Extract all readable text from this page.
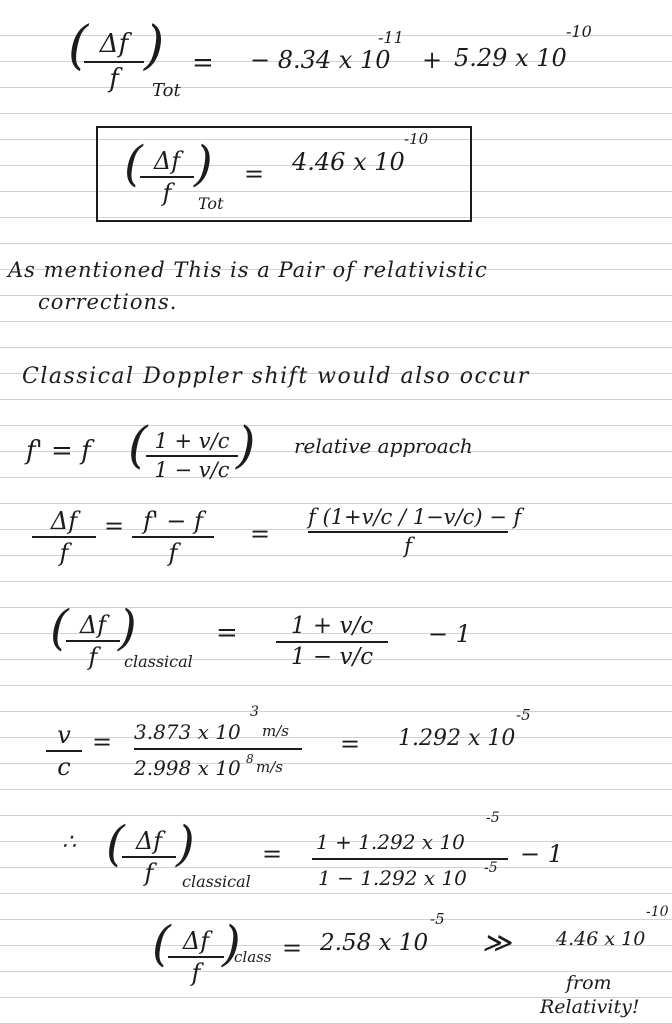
( Δf
f
)
Tot
= − 8.34 x 10
-11
+ 5.29 x 10
-10
( Δf
f
)
Tot
= 4.46 x 10
-10
As mentioned This is a Pair of relativistic
corrections.
Classical Doppler shift would also occur
f' = f ( 1 + v/c
1 − v/c ) relative approach
Δf
f
= f' − f
f
=
f (1+v/c / 1−v/c) − f
f
( Δf
f
)
classical
=	1 + v/c
1 − v/c
− 1
v
c
= 3.873 x 10
3
m/s
2.998 x 10 8 m/s
= 1.292 x 10
-5
∴ ( Δf
f
)
classical
= 1 + 1.292 x 10
-5
1 − 1.292 x 10 -5 − 1
( Δf
f
)
class = 2.58 x 10
-5
≫ 4.46 x 10
-10
from
Relativity!
